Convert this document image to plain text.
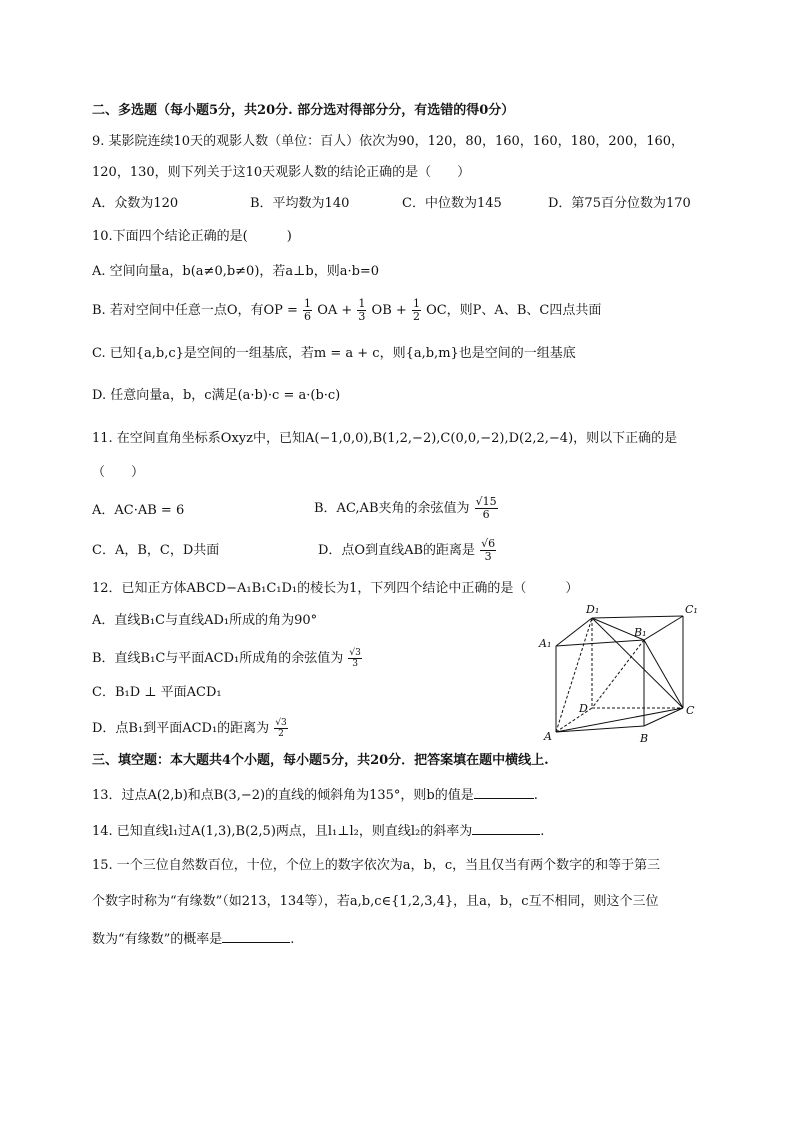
二、多选题（每小题5分，共20分. 部分选对得部分分，有选错的得0分）
9. 某影院连续10天的观影人数（单位：百人）依次为90，120，80，160，160，180，200，160，
120，130，则下列关于这10天观影人数的结论正确的是（　　）
A．众数为120	B．平均数为140	C．中位数为145	D．第75百分位数为170
10.下面四个结论正确的是(　　　)
A. 空间向量a，b(a≠0,b≠0)，若a⊥b，则a·b=0
B. 若对空间中任意一点O，有OP = $\frac{1}{6}$ OA + $\frac{1}{3}$ OB + $\frac{1}{2}$ OC，则P、A、B、C四点共面
C. 已知{a,b,c}是空间的一组基底，若m = a + c，则{a,b,m}也是空间的一组基底
D. 任意向量a，b，c满足(a·b)·c = a·(b·c)
11. 在空间直角坐标系Oxyz中，已知A(−1,0,0),B(1,2,−2),C(0,0,−2),D(2,2,−4)，则以下正确的是
（　　）
A．AC·AB = 6	B．AC,AB夹角的余弦值为 $\frac{√15}{6}$
C．A，B，C，D共面	D．点O到直线AB的距离是 $\frac{√6}{3}$
12．已知正方体ABCD−A₁B₁C₁D₁的棱长为1，下列四个结论中正确的是（　　　）
A．直线B₁C与直线AD₁所成的角为90°
B．直线B₁C与平面ACD₁所成角的余弦值为 $\frac{√3}{3}$
C．B₁D ⊥ 平面ACD₁
D．点B₁到平面ACD₁的距离为 $\frac{√3}{2}$
D₁	C₁
A₁
B₁
D
A
C
B
三、填空题：本大题共4个小题，每小题5分，共20分．把答案填在题中横线上.
13．过点A(2,b)和点B(3,−2)的直线的倾斜角为135°，则b的值是	.
14. 已知直线l₁过A(1,3),B(2,5)两点，且l₁⊥l₂，则直线l₂的斜率为	.
15. 一个三位自然数百位，十位，个位上的数字依次为a，b，c，当且仅当有两个数字的和等于第三
个数字时称为“有缘数”（如213，134等），若a,b,c∈{1,2,3,4}，且a，b，c互不相同，则这个三位
数为“有缘数”的概率是	.
